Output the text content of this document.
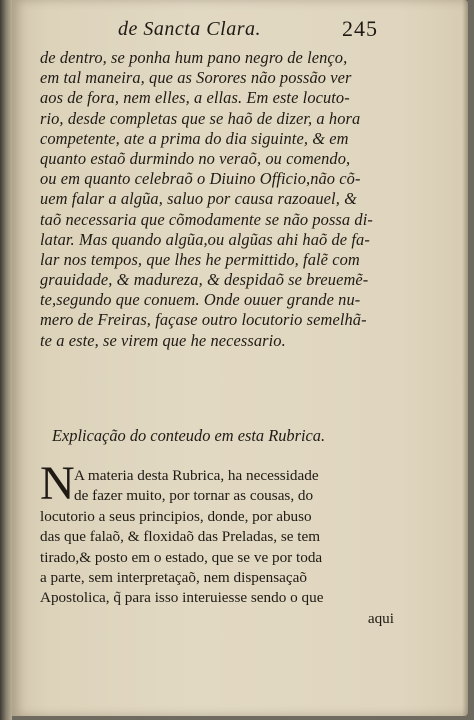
de Sancta Clara.	245
de dentro, se ponha hum pano negro de lenço,
em tal maneira, que as Sorores não possão ver
aos de fora, nem elles, a ellas. Em este locuto-
rio, desde completas que se haõ de dizer, a hora
competente, ate a prima do dia siguinte, & em
quanto estaõ durmindo no veraõ, ou comendo,
ou em quanto celebraõ o Diuino Officio,não cõ-
uem falar a algũa, saluo por causa razoauel, &
taõ necessaria que cõmodamente se não possa di-
latar. Mas quando algũa,ou algũas ahi haõ de fa-
lar nos tempos, que lhes he permittido, falẽ com
grauidade, & madureza, & despidaõ se breuemẽ-
te,segundo que conuem. Onde ouuer grande nu-
mero de Freiras, façase outro locutorio semelhã-
te a este, se virem que he necessario.
Explicação do conteudo em esta Rubrica.
N A materia desta Rubrica, ha necessidade
de fazer muito, por tornar as cousas, do
locutorio a seus principios, donde, por abuso
das que falaõ, & floxidaõ das Preladas, se tem
tirado,& posto em o estado, que se ve por toda
a parte, sem interpretaçaõ, nem dispensaçaõ
Apostolica, q̃ para isso interuiesse sendo o que
aqui
